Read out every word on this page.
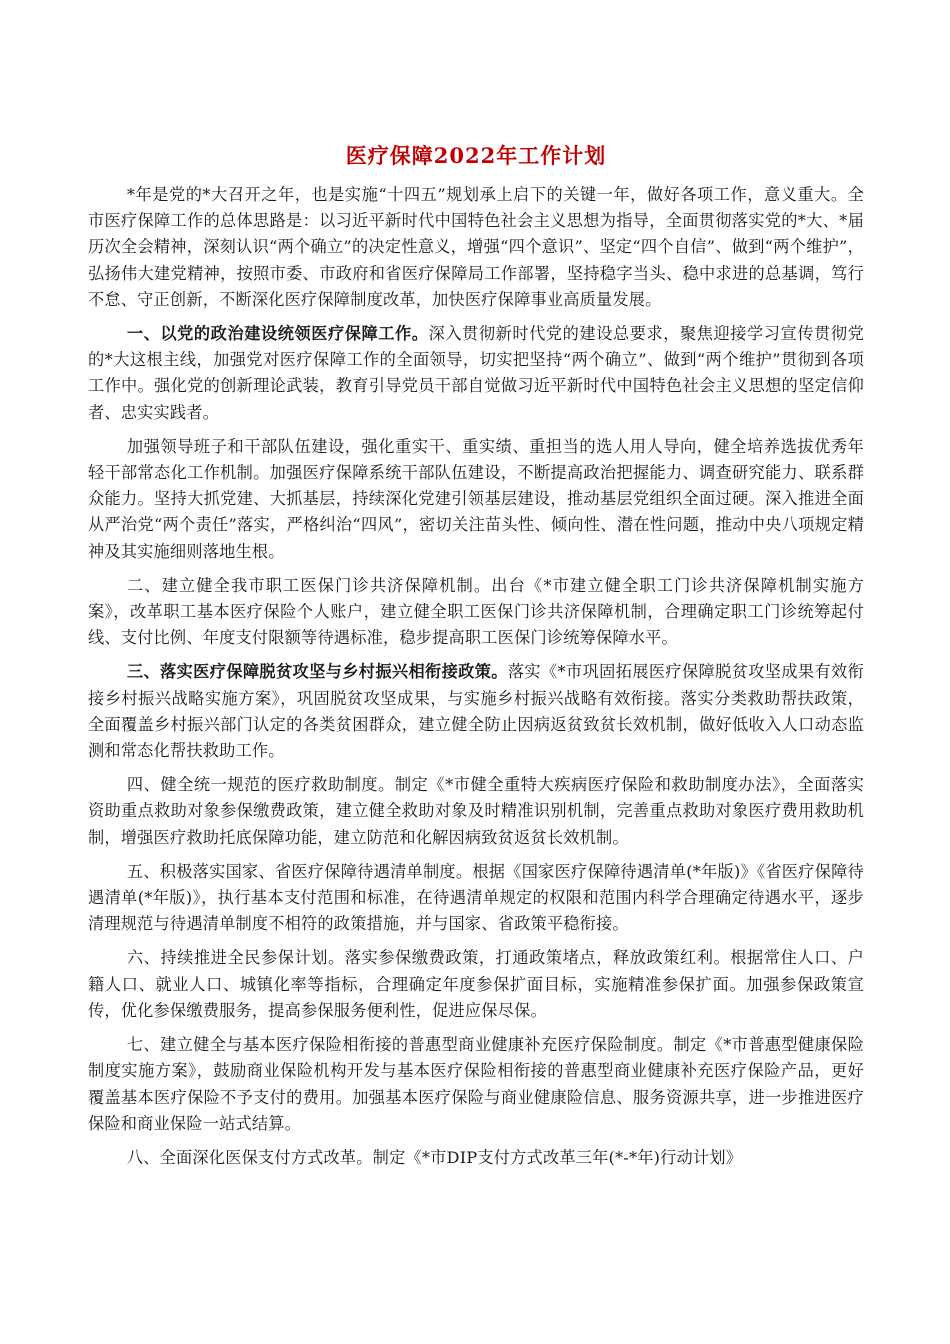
医疗保障2022年工作计划

*年是党的*大召开之年，也是实施“十四五”规划承上启下的关键一年，做好各项工作，意义重大。全市医疗保障工作的总体思路是：以习近平新时代中国特色社会主义思想为指导，全面贯彻落实党的*大、*届历次全会精神，深刻认识“两个确立”的决定性意义，增强“四个意识”、坚定“四个自信”、做到“两个维护”，弘扬伟大建党精神，按照市委、市政府和省医疗保障局工作部署，坚持稳字当头、稳中求进的总基调，笃行不怠、守正创新，不断深化医疗保障制度改革，加快医疗保障事业高质量发展。

一、以党的政治建设统领医疗保障工作。深入贯彻新时代党的建设总要求，聚焦迎接学习宣传贯彻党的*大这根主线，加强党对医疗保障工作的全面领导，切实把坚持“两个确立”、做到“两个维护”贯彻到各项工作中。强化党的创新理论武装，教育引导党员干部自觉做习近平新时代中国特色社会主义思想的坚定信仰者、忠实实践者。

加强领导班子和干部队伍建设，强化重实干、重实绩、重担当的选人用人导向，健全培养选拔优秀年轻干部常态化工作机制。加强医疗保障系统干部队伍建设，不断提高政治把握能力、调查研究能力、联系群众能力。坚持大抓党建、大抓基层，持续深化党建引领基层建设，推动基层党组织全面过硬。深入推进全面从严治党“两个责任”落实，严格纠治“四风”，密切关注苗头性、倾向性、潜在性问题，推动中央八项规定精神及其实施细则落地生根。

二、建立健全我市职工医保门诊共济保障机制。出台《*市建立健全职工门诊共济保障机制实施方案》，改革职工基本医疗保险个人账户，建立健全职工医保门诊共济保障机制，合理确定职工门诊统筹起付线、支付比例、年度支付限额等待遇标准，稳步提高职工医保门诊统筹保障水平。

三、落实医疗保障脱贫攻坚与乡村振兴相衔接政策。落实《*市巩固拓展医疗保障脱贫攻坚成果有效衔接乡村振兴战略实施方案》，巩固脱贫攻坚成果，与实施乡村振兴战略有效衔接。落实分类救助帮扶政策，全面覆盖乡村振兴部门认定的各类贫困群众，建立健全防止因病返贫致贫长效机制，做好低收入人口动态监测和常态化帮扶救助工作。

四、健全统一规范的医疗救助制度。制定《*市健全重特大疾病医疗保险和救助制度办法》，全面落实资助重点救助对象参保缴费政策，建立健全救助对象及时精准识别机制，完善重点救助对象医疗费用救助机制，增强医疗救助托底保障功能，建立防范和化解因病致贫返贫长效机制。

五、积极落实国家、省医疗保障待遇清单制度。根据《国家医疗保障待遇清单(*年版)》《省医疗保障待遇清单(*年版)》，执行基本支付范围和标准，在待遇清单规定的权限和范围内科学合理确定待遇水平，逐步清理规范与待遇清单制度不相符的政策措施，并与国家、省政策平稳衔接。

六、持续推进全民参保计划。落实参保缴费政策，打通政策堵点，释放政策红利。根据常住人口、户籍人口、就业人口、城镇化率等指标，合理确定年度参保扩面目标，实施精准参保扩面。加强参保政策宣传，优化参保缴费服务，提高参保服务便利性，促进应保尽保。

七、建立健全与基本医疗保险相衔接的普惠型商业健康补充医疗保险制度。制定《*市普惠型健康保险制度实施方案》，鼓励商业保险机构开发与基本医疗保险相衔接的普惠型商业健康补充医疗保险产品，更好覆盖基本医疗保险不予支付的费用。加强基本医疗保险与商业健康险信息、服务资源共享，进一步推进医疗保险和商业保险一站式结算。

八、全面深化医保支付方式改革。制定《*市DIP支付方式改革三年(*-*年)行动计划》
